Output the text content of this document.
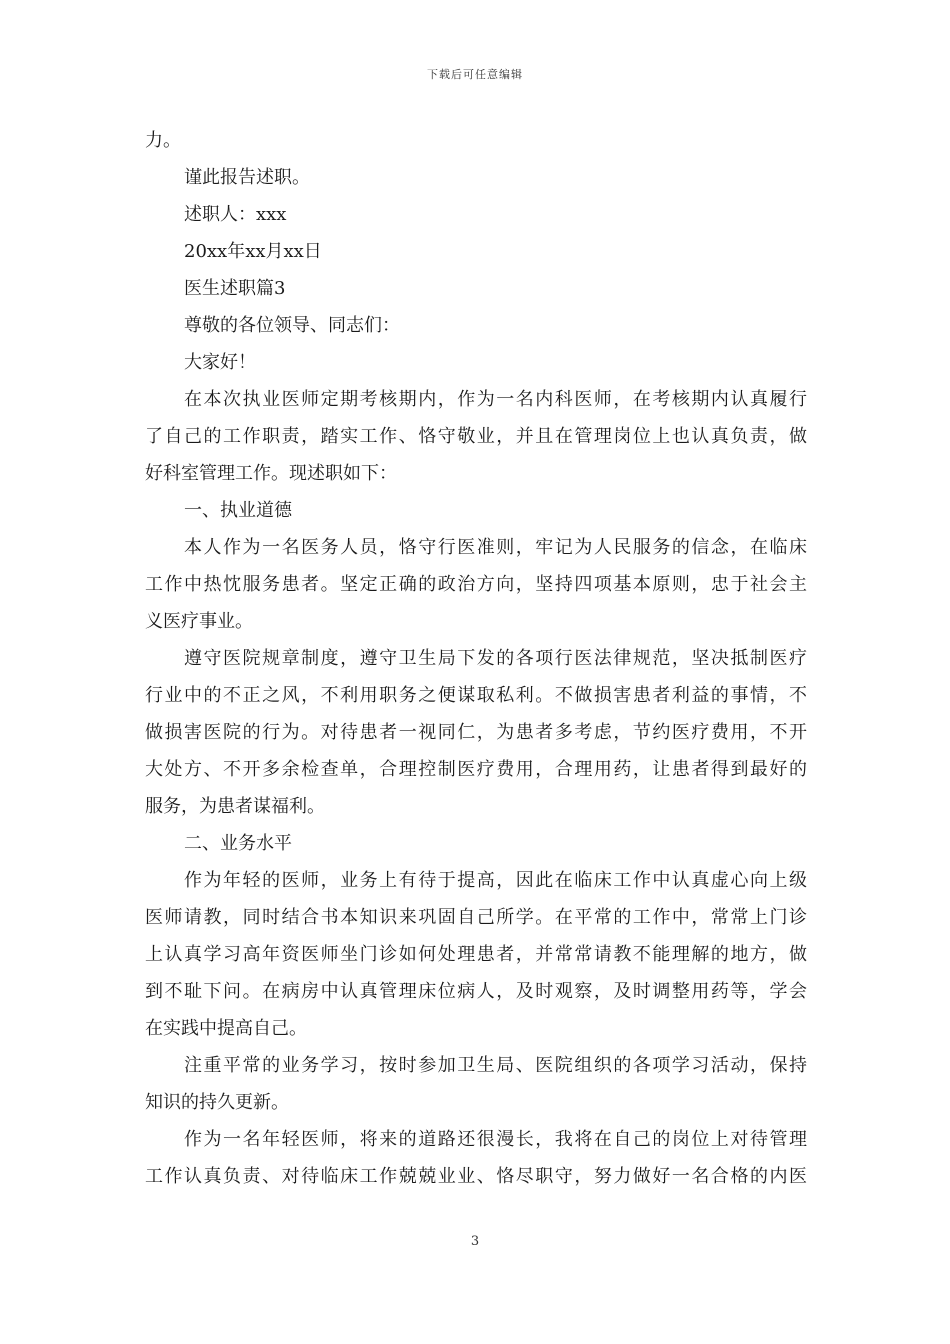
下载后可任意编辑
力。
谨此报告述职。
述职人：xxx
20xx年xx月xx日
医生述职篇3
尊敬的各位领导、同志们：
大家好！
在本次执业医师定期考核期内，作为一名内科医师，在考核期内认真履行
了自己的工作职责，踏实工作、恪守敬业，并且在管理岗位上也认真负责，做
好科室管理工作。现述职如下：
一、执业道德
本人作为一名医务人员，恪守行医准则，牢记为人民服务的信念，在临床
工作中热忱服务患者。坚定正确的政治方向，坚持四项基本原则，忠于社会主
义医疗事业。
遵守医院规章制度，遵守卫生局下发的各项行医法律规范，坚决抵制医疗
行业中的不正之风，不利用职务之便谋取私利。不做损害患者利益的事情，不
做损害医院的行为。对待患者一视同仁，为患者多考虑，节约医疗费用，不开
大处方、不开多余检查单，合理控制医疗费用，合理用药，让患者得到最好的
服务，为患者谋福利。
二、业务水平
作为年轻的医师，业务上有待于提高，因此在临床工作中认真虚心向上级
医师请教，同时结合书本知识来巩固自己所学。在平常的工作中，常常上门诊
上认真学习高年资医师坐门诊如何处理患者，并常常请教不能理解的地方，做
到不耻下问。在病房中认真管理床位病人，及时观察，及时调整用药等，学会
在实践中提高自己。
注重平常的业务学习，按时参加卫生局、医院组织的各项学习活动，保持
知识的持久更新。
作为一名年轻医师，将来的道路还很漫长，我将在自己的岗位上对待管理
工作认真负责、对待临床工作兢兢业业、恪尽职守，努力做好一名合格的内医
3
